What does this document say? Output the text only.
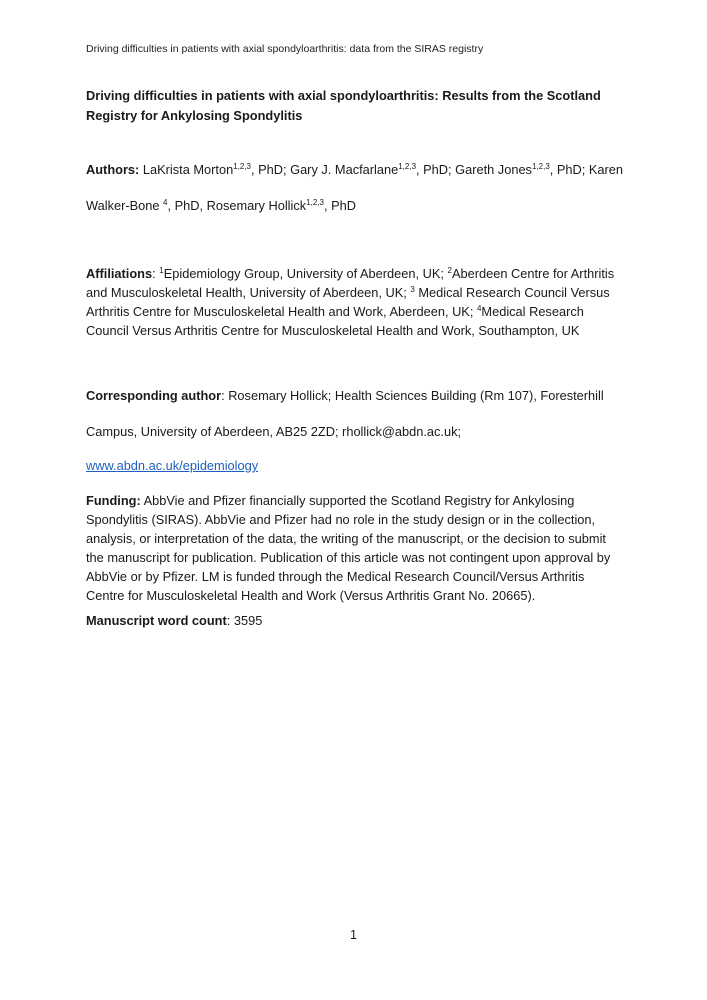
Driving difficulties in patients with axial spondyloarthritis: data from the SIRAS registry
Driving difficulties in patients with axial spondyloarthritis: Results from the Scotland Registry for Ankylosing Spondylitis
Authors: LaKrista Morton$^{1,2,3}$, PhD; Gary J. Macfarlane$^{1,2,3}$, PhD; Gareth Jones$^{1,2,3}$, PhD; Karen
Walker-Bone $^4$, PhD, Rosemary Hollick$^{1,2,3}$, PhD
Affiliations: $^1$Epidemiology Group, University of Aberdeen, UK; $^2$Aberdeen Centre for Arthritis and Musculoskeletal Health, University of Aberdeen, UK; $^3$ Medical Research Council Versus Arthritis Centre for Musculoskeletal Health and Work, Aberdeen, UK; $^4$Medical Research Council Versus Arthritis Centre for Musculoskeletal Health and Work, Southampton, UK
Corresponding author: Rosemary Hollick; Health Sciences Building (Rm 107), Foresterhill
Campus, University of Aberdeen, AB25 2ZD; rhollick@abdn.ac.uk;
www.abdn.ac.uk/epidemiology
Funding: AbbVie and Pfizer financially supported the Scotland Registry for Ankylosing Spondylitis (SIRAS). AbbVie and Pfizer had no role in the study design or in the collection, analysis, or interpretation of the data, the writing of the manuscript, or the decision to submit the manuscript for publication. Publication of this article was not contingent upon approval by AbbVie or by Pfizer. LM is funded through the Medical Research Council/Versus Arthritis Centre for Musculoskeletal Health and Work (Versus Arthritis Grant No. 20665).
Manuscript word count: 3595
1
